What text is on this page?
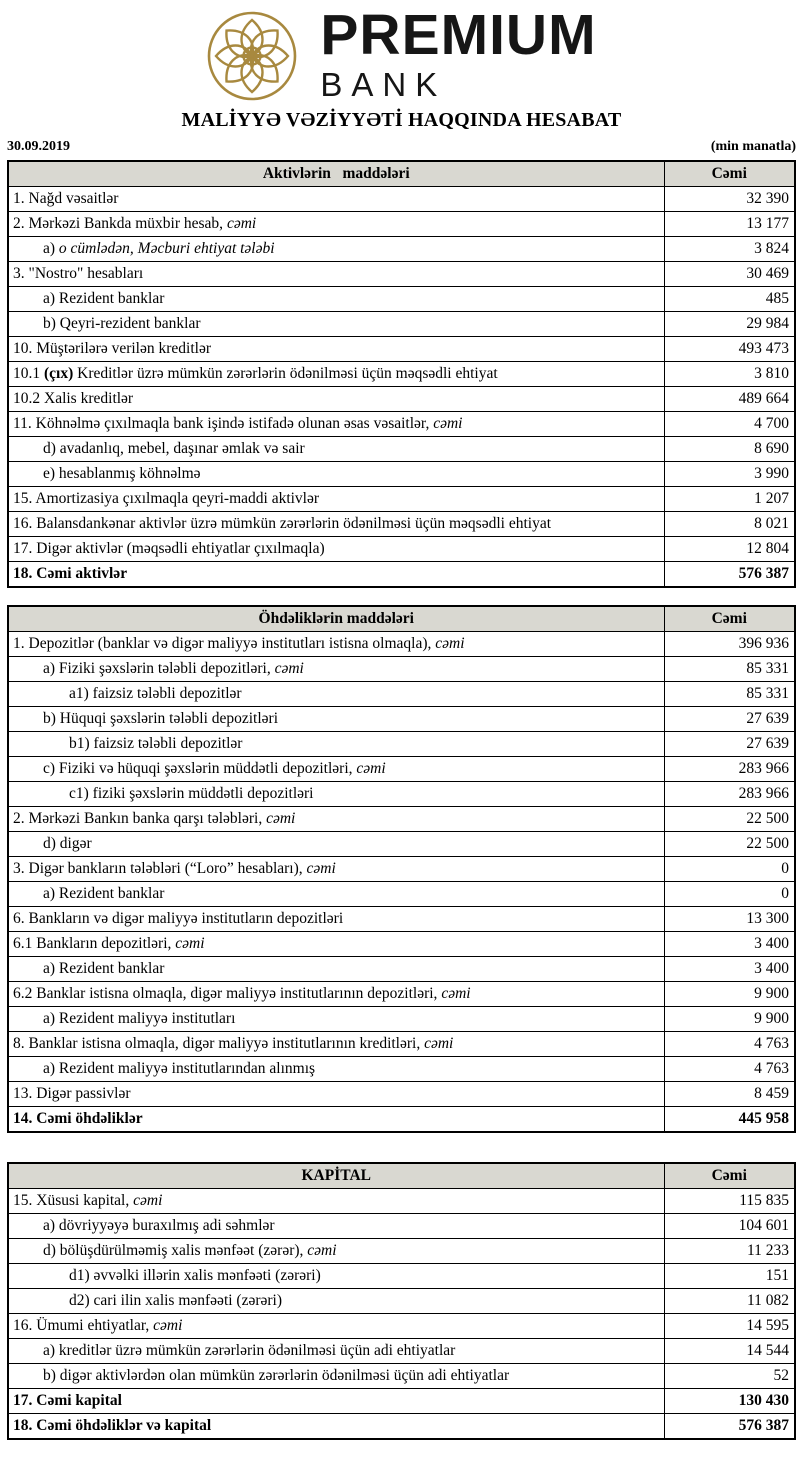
PREMIUM
BANK
MALİYYƏ VƏZİYYƏTİ HAQQINDA HESABAT
30.09.2019	(min manatla)
Aktivlərin   maddələri	Cəmi
1. Nağd vəsaitlər	32 390
2. Mərkəzi Bankda müxbir hesab, cəmi	13 177
a) o cümlədən, Məcburi ehtiyat tələbi	3 824
3. "Nostro" hesabları	30 469
a) Rezident banklar	485
b) Qeyri-rezident banklar	29 984
10. Müştərilərə verilən kreditlər	493 473
10.1 (çıx) Kreditlər üzrə mümkün zərərlərin ödənilməsi üçün məqsədli ehtiyat	3 810
10.2 Xalis kreditlər	489 664
11. Köhnəlmə çıxılmaqla bank işində istifadə olunan əsas vəsaitlər, cəmi	4 700
d) avadanlıq, mebel, daşınar əmlak və sair	8 690
e) hesablanmış köhnəlmə	3 990
15. Amortizasiya çıxılmaqla qeyri-maddi aktivlər	1 207
16. Balansdankənar aktivlər üzrə mümkün zərərlərin ödənilməsi üçün məqsədli ehtiyat	8 021
17. Digər aktivlər (məqsədli ehtiyatlar çıxılmaqla)	12 804
18. Cəmi aktivlər	576 387
Öhdəliklərin maddələri	Cəmi
1. Depozitlər (banklar və digər maliyyə institutları istisna olmaqla), cəmi	396 936
a) Fiziki şəxslərin tələbli depozitləri, cəmi	85 331
a1) faizsiz tələbli depozitlər	85 331
b) Hüquqi şəxslərin tələbli depozitləri	27 639
b1) faizsiz tələbli depozitlər	27 639
c) Fiziki və hüquqi şəxslərin müddətli depozitləri, cəmi	283 966
c1) fiziki şəxslərin müddətli depozitləri	283 966
2. Mərkəzi Bankın banka qarşı tələbləri, cəmi	22 500
d) digər	22 500
3. Digər bankların tələbləri (“Loro” hesabları), cəmi	0
a) Rezident banklar	0
6. Bankların və digər maliyyə institutların depozitləri	13 300
6.1 Bankların depozitləri, cəmi	3 400
a) Rezident banklar	3 400
6.2 Banklar istisna olmaqla, digər maliyyə institutlarının depozitləri, cəmi	9 900
a) Rezident maliyyə institutları	9 900
8. Banklar istisna olmaqla, digər maliyyə institutlarının kreditləri, cəmi	4 763
a) Rezident maliyyə institutlarından alınmış	4 763
13. Digər passivlər	8 459
14. Cəmi öhdəliklər	445 958
KAPİTAL	Cəmi
15. Xüsusi kapital, cəmi	115 835
a) dövriyyəyə buraxılmış adi səhmlər	104 601
d) bölüşdürülməmiş xalis mənfəət (zərər), cəmi	11 233
d1) əvvəlki illərin xalis mənfəəti (zərəri)	151
d2) cari ilin xalis mənfəəti (zərəri)	11 082
16. Ümumi ehtiyatlar, cəmi	14 595
a) kreditlər üzrə mümkün zərərlərin ödənilməsi üçün adi ehtiyatlar	14 544
b) digər aktivlərdən olan mümkün zərərlərin ödənilməsi üçün adi ehtiyatlar	52
17. Cəmi kapital	130 430
18. Cəmi öhdəliklər və kapital	576 387
